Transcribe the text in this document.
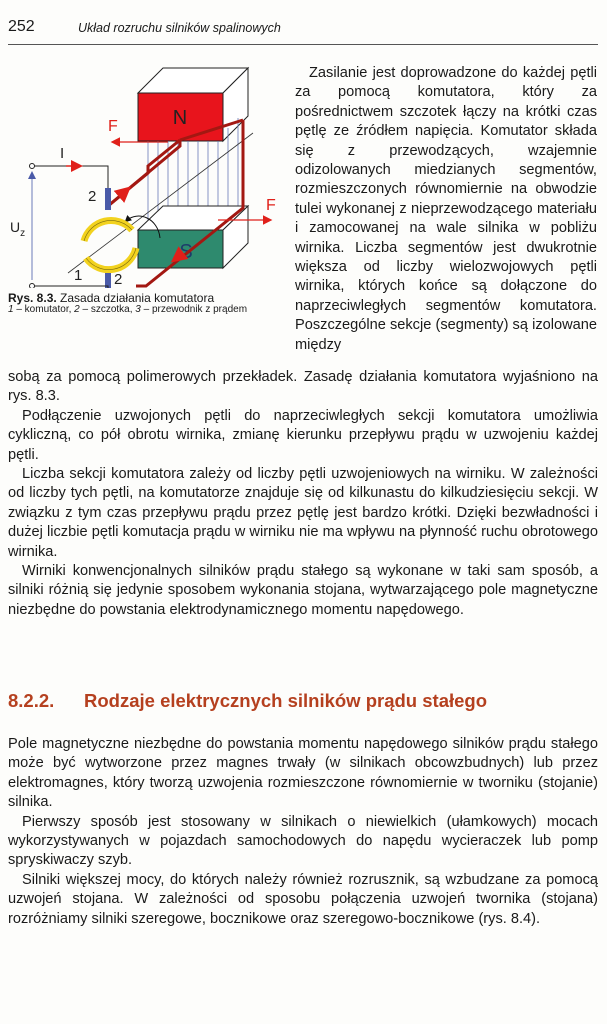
252	Układ rozruchu silników spalinowych
N
S
F
F
I
$U_z$
2
1 2
Rys. 8.3. Zasada działania komutatora
1 – komutator, 2 – szczotka, 3 – przewodnik z prądem

Zasilanie jest doprowadzone do każdej pętli za pomocą komutatora, który za pośrednictwem szczotek łączy na krótki czas pętlę ze źródłem napięcia. Komutator składa się z przewodzących, wzajemnie odizolowanych miedzianych segmentów, rozmieszczonych równomiernie na obwodzie tulei wykonanej z nieprzewodzącego materiału i zamocowanej na wale silnika w pobliżu wirnika. Liczba segmentów jest dwukrotnie większa od liczby wielozwojowych pętli wirnika, których końce są dołączone do naprzeciwległych segmentów komutatora. Poszczególne sekcje (segmenty) są izolowane między

sobą za pomocą polimerowych przekładek. Zasadę działania komutatora wyjaśniono na rys. 8.3.

Podłączenie uzwojonych pętli do naprzeciwległych sekcji komutatora umożliwia cykliczną, co pół obrotu wirnika, zmianę kierunku przepływu prądu w uzwojeniu każdej pętli.

Liczba sekcji komutatora zależy od liczby pętli uzwojeniowych na wirniku. W zależności od liczby tych pętli, na komutatorze znajduje się od kilkunastu do kilkudziesięciu sekcji. W związku z tym czas przepływu prądu przez pętlę jest bardzo krótki. Dzięki bezwładności i dużej liczbie pętli komutacja prądu w wirniku nie ma wpływu na płynność ruchu obrotowego wirnika.

Wirniki konwencjonalnych silników prądu stałego są wykonane w taki sam sposób, a silniki różnią się jedynie sposobem wykonania stojana, wytwarzającego pole magnetyczne niezbędne do powstania elektrodynamicznego momentu napędowego.

8.2.2. Rodzaje elektrycznych silników prądu stałego

Pole magnetyczne niezbędne do powstania momentu napędowego silników prądu stałego może być wytworzone przez magnes trwały (w silnikach obcowzbudnych) lub przez elektromagnes, który tworzą uzwojenia rozmieszczone równomiernie w tworniku (stojanie) silnika.

Pierwszy sposób jest stosowany w silnikach o niewielkich (ułamkowych) mocach wykorzystywanych w pojazdach samochodowych do napędu wycieraczek lub pomp spryskiwaczy szyb.

Silniki większej mocy, do których należy również rozrusznik, są wzbudzane za pomocą uzwojeń stojana. W zależności od sposobu połączenia uzwojeń twornika (stojana) rozróżniamy silniki szeregowe, bocznikowe oraz szeregowo-bocznikowe (rys. 8.4).
